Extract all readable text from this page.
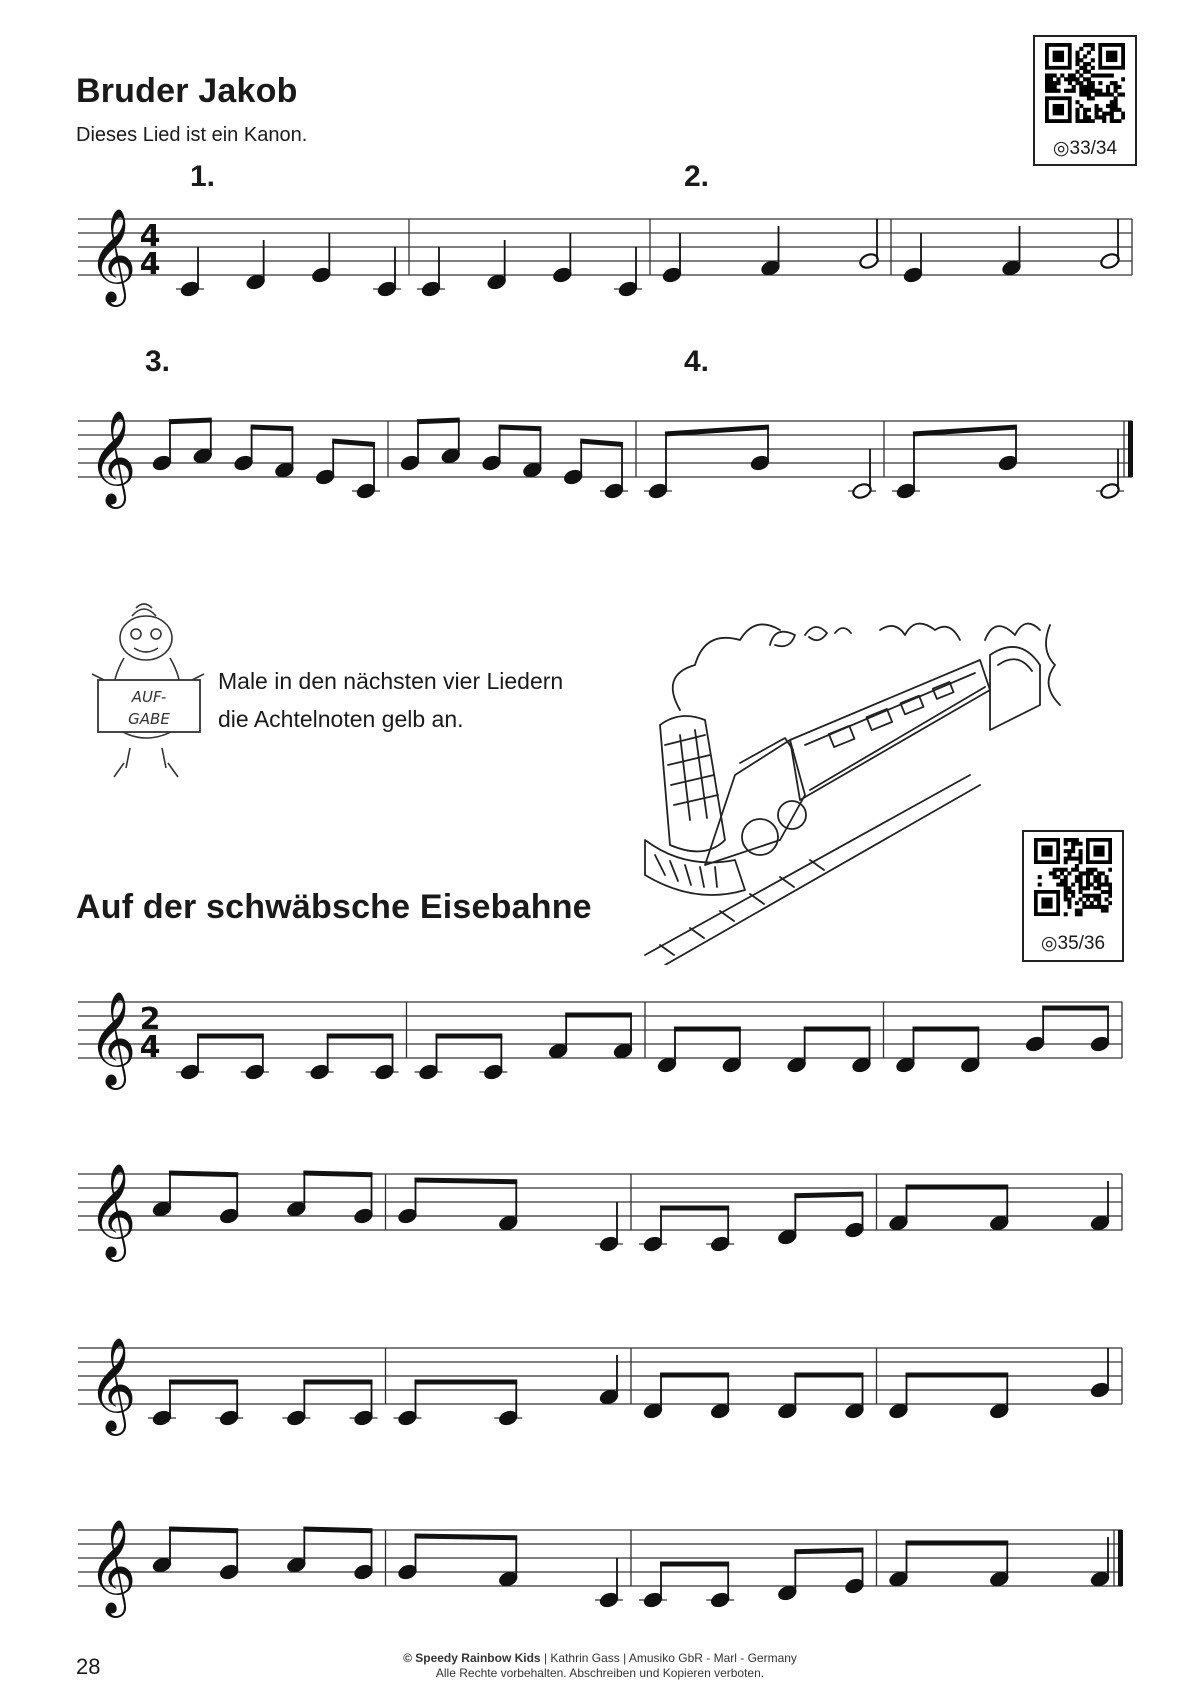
Bruder Jakob
Dieses Lied ist ein Kanon.
◎33/34
1.	2.
3.	4.
𝄞 4
4
𝄞
𝄞 2
4
𝄞
𝄞
𝄞
AUF-
GABE
Male in den nächsten vier Liedern
die Achtelnoten gelb an.
Auf der schwäbsche Eisebahne
◎35/36
28	© Speedy Rainbow Kids | Kathrin Gass | Amusiko GbR - Marl - Germany
Alle Rechte vorbehalten. Abschreiben und Kopieren verboten.
